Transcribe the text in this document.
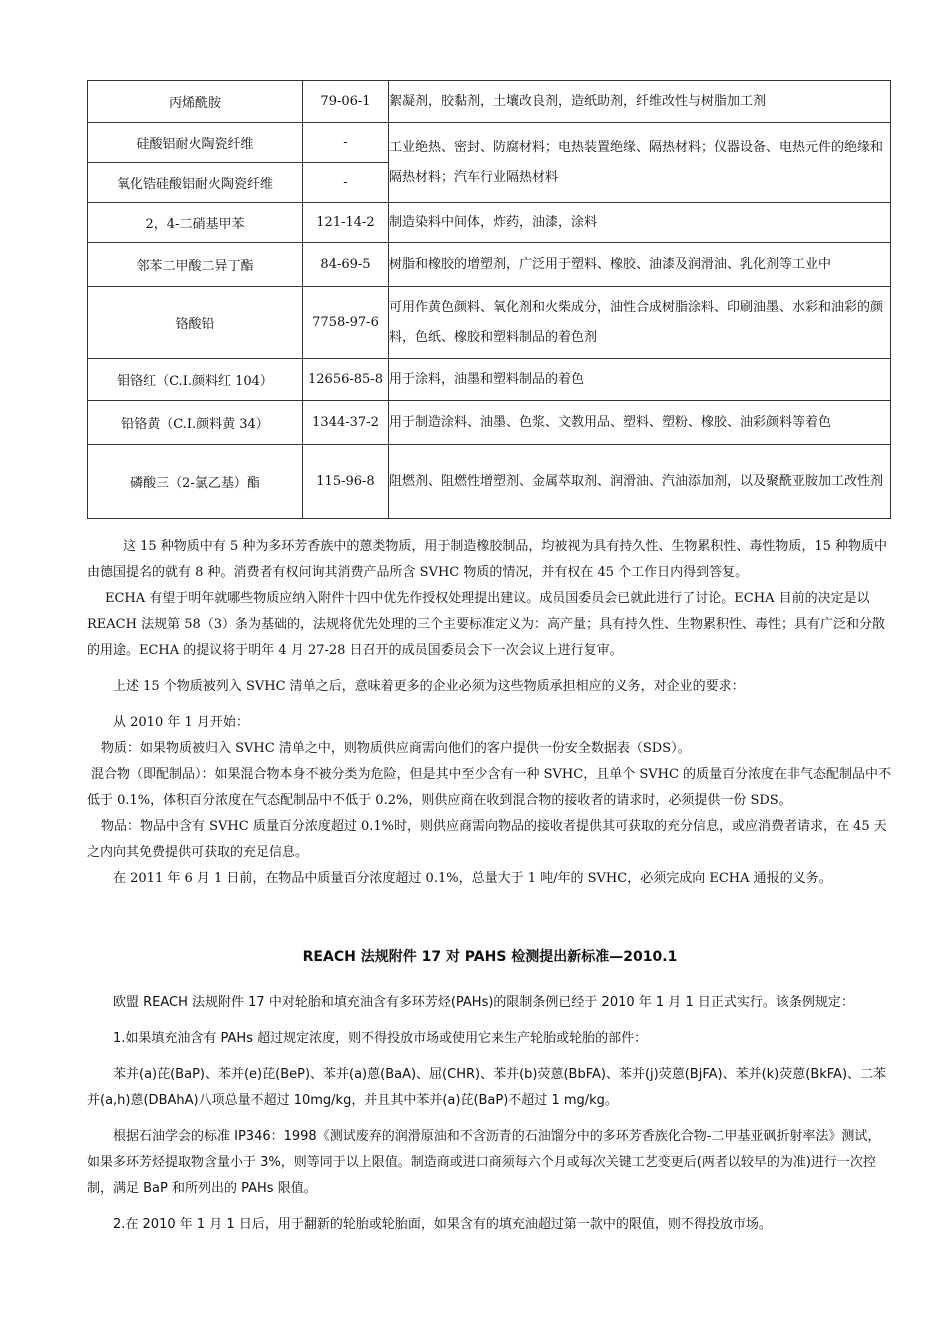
丙烯酰胺	79-06-1	絮凝剂，胶黏剂，土壤改良剂，造纸助剂，纤维改性与树脂加工剂
硅酸铝耐火陶瓷纤维	-	工业绝热、密封、防腐材料；电热装置绝缘、隔热材料；仪器设备、电热元件的绝缘和隔热材料；汽车行业隔热材料
氧化锆硅酸铝耐火陶瓷纤维	-	
2，4-二硝基甲苯	121-14-2	制造染料中间体，炸药，油漆，涂料
邻苯二甲酸二异丁酯	84-69-5	树脂和橡胶的增塑剂，广泛用于塑料、橡胶、油漆及润滑油、乳化剂等工业中
铬酸铅	7758-97-6	可用作黄色颜料、氧化剂和火柴成分，油性合成树脂涂料、印刷油墨、水彩和油彩的颜料，色纸、橡胶和塑料制品的着色剂
钼铬红（C.I.颜料红 104）	12656-85-8	用于涂料，油墨和塑料制品的着色
铅铬黄（C.I.颜料黄 34）	1344-37-2	用于制造涂料、油墨、色浆、文教用品、塑料、塑粉、橡胶、油彩颜料等着色
磷酸三（2-氯乙基）酯	115-96-8	阻燃剂、阻燃性增塑剂、金属萃取剂、润滑油、汽油添加剂，以及聚酰亚胺加工改性剂

这 15 种物质中有 5 种为多环芳香族中的蒽类物质，用于制造橡胶制品，均被视为具有持久性、生物累积性、毒性物质，15 种物质中由德国提名的就有 8 种。消费者有权问询其消费产品所含 SVHC 物质的情况，并有权在 45 个工作日内得到答复。

ECHA 有望于明年就哪些物质应纳入附件十四中优先作授权处理提出建议。成员国委员会已就此进行了讨论。ECHA 目前的决定是以 REACH 法规第 58（3）条为基础的，法规将优先处理的三个主要标准定义为：高产量；具有持久性、生物累积性、毒性；具有广泛和分散的用途。ECHA 的提议将于明年 4 月 27-28 日召开的成员国委员会下一次会议上进行复审。

上述 15 个物质被列入 SVHC 清单之后，意味着更多的企业必须为这些物质承担相应的义务，对企业的要求：

从 2010 年 1 月开始：

物质：如果物质被归入 SVHC 清单之中，则物质供应商需向他们的客户提供一份安全数据表（SDS）。

混合物（即配制品）：如果混合物本身不被分类为危险，但是其中至少含有一种 SVHC，且单个 SVHC 的质量百分浓度在非气态配制品中不低于 0.1%，体积百分浓度在气态配制品中不低于 0.2%，则供应商在收到混合物的接收者的请求时，必须提供一份 SDS。

物品：物品中含有 SVHC 质量百分浓度超过 0.1%时，则供应商需向物品的接收者提供其可获取的充分信息，或应消费者请求，在 45 天之内向其免费提供可获取的充足信息。

在 2011 年 6 月 1 日前，在物品中质量百分浓度超过 0.1%，总量大于 1 吨/年的 SVHC，必须完成向 ECHA 通报的义务。

REACH 法规附件 17 对 PAHS 检测提出新标准—2010.1

欧盟 REACH 法规附件 17 中对轮胎和填充油含有多环芳烃(PAHs)的限制条例已经于 2010 年 1 月 1 日正式实行。该条例规定：

1.如果填充油含有 PAHs 超过规定浓度，则不得投放市场或使用它来生产轮胎或轮胎的部件：

苯并(a)芘(BaP)、苯并(e)芘(BeP)、苯并(a)蒽(BaA)、屈(CHR)、苯并(b)荧蒽(BbFA)、苯并(j)荧蒽(BjFA)、苯并(k)荧蒽(BkFA)、二苯并(a,h)蒽(DBAhA)八项总量不超过 10mg/kg，并且其中苯并(a)芘(BaP)不超过 1 mg/kg。

根据石油学会的标准 IP346：1998《测试废弃的润滑原油和不含沥青的石油馏分中的多环芳香族化合物-二甲基亚砜折射率法》测试，如果多环芳烃提取物含量小于 3%，则等同于以上限值。制造商或进口商须每六个月或每次关键工艺变更后(两者以较早的为准)进行一次控制，满足 BaP 和所列出的 PAHs 限值。

2.在 2010 年 1 月 1 日后，用于翻新的轮胎或轮胎面，如果含有的填充油超过第一款中的限值，则不得投放市场。
